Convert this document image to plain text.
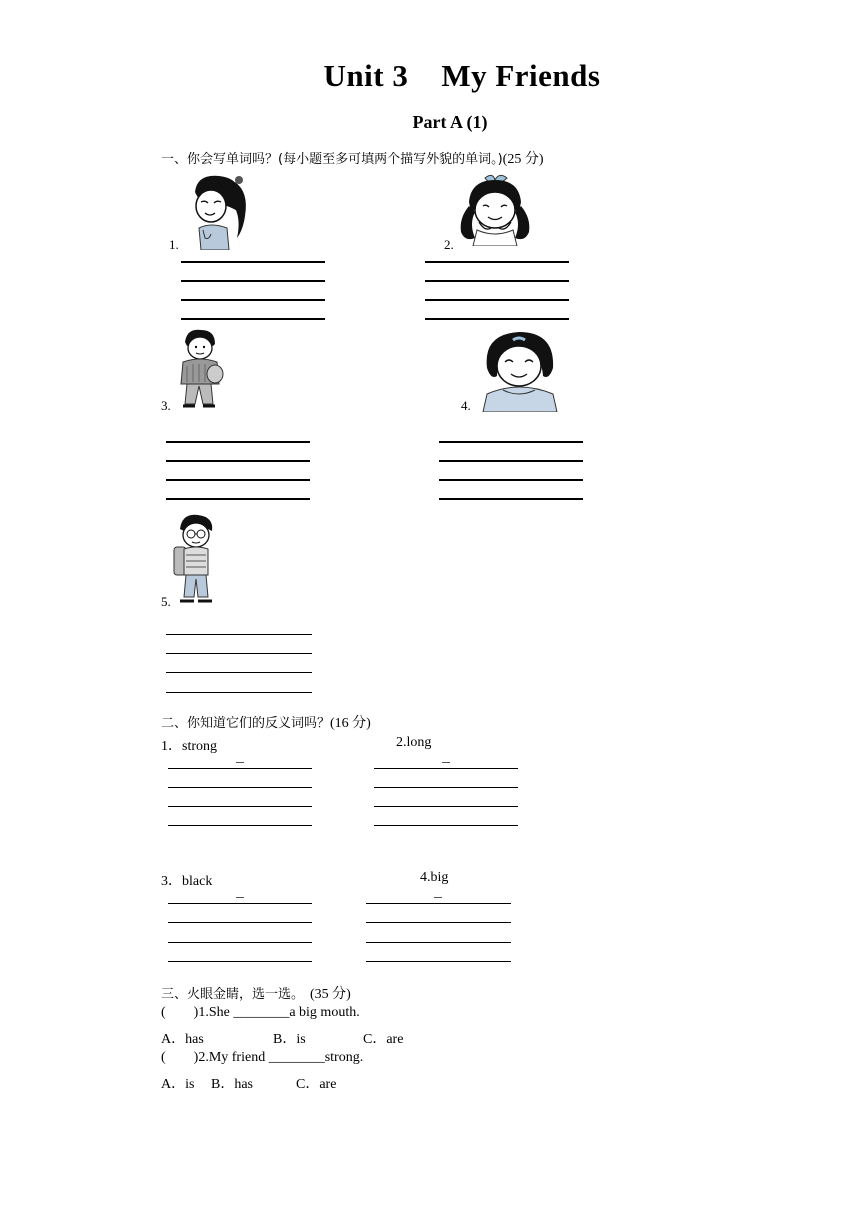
Unit 3    My Friends
Part A (1)
一、你会写单词吗？(每小题至多可填两个描写外貌的单词。)(25 分)
1.	2.
3.	4.
5.
二、你知道它们的反义词吗？(16 分)
1．strong	2.long
3．black	4.big
三、火眼金睛，选一选。 (35 分)
(        )1.She ________a big mouth.
A．has	B．is	C．are
(        )2.My friend ________strong.
A．is B．has	C．are
